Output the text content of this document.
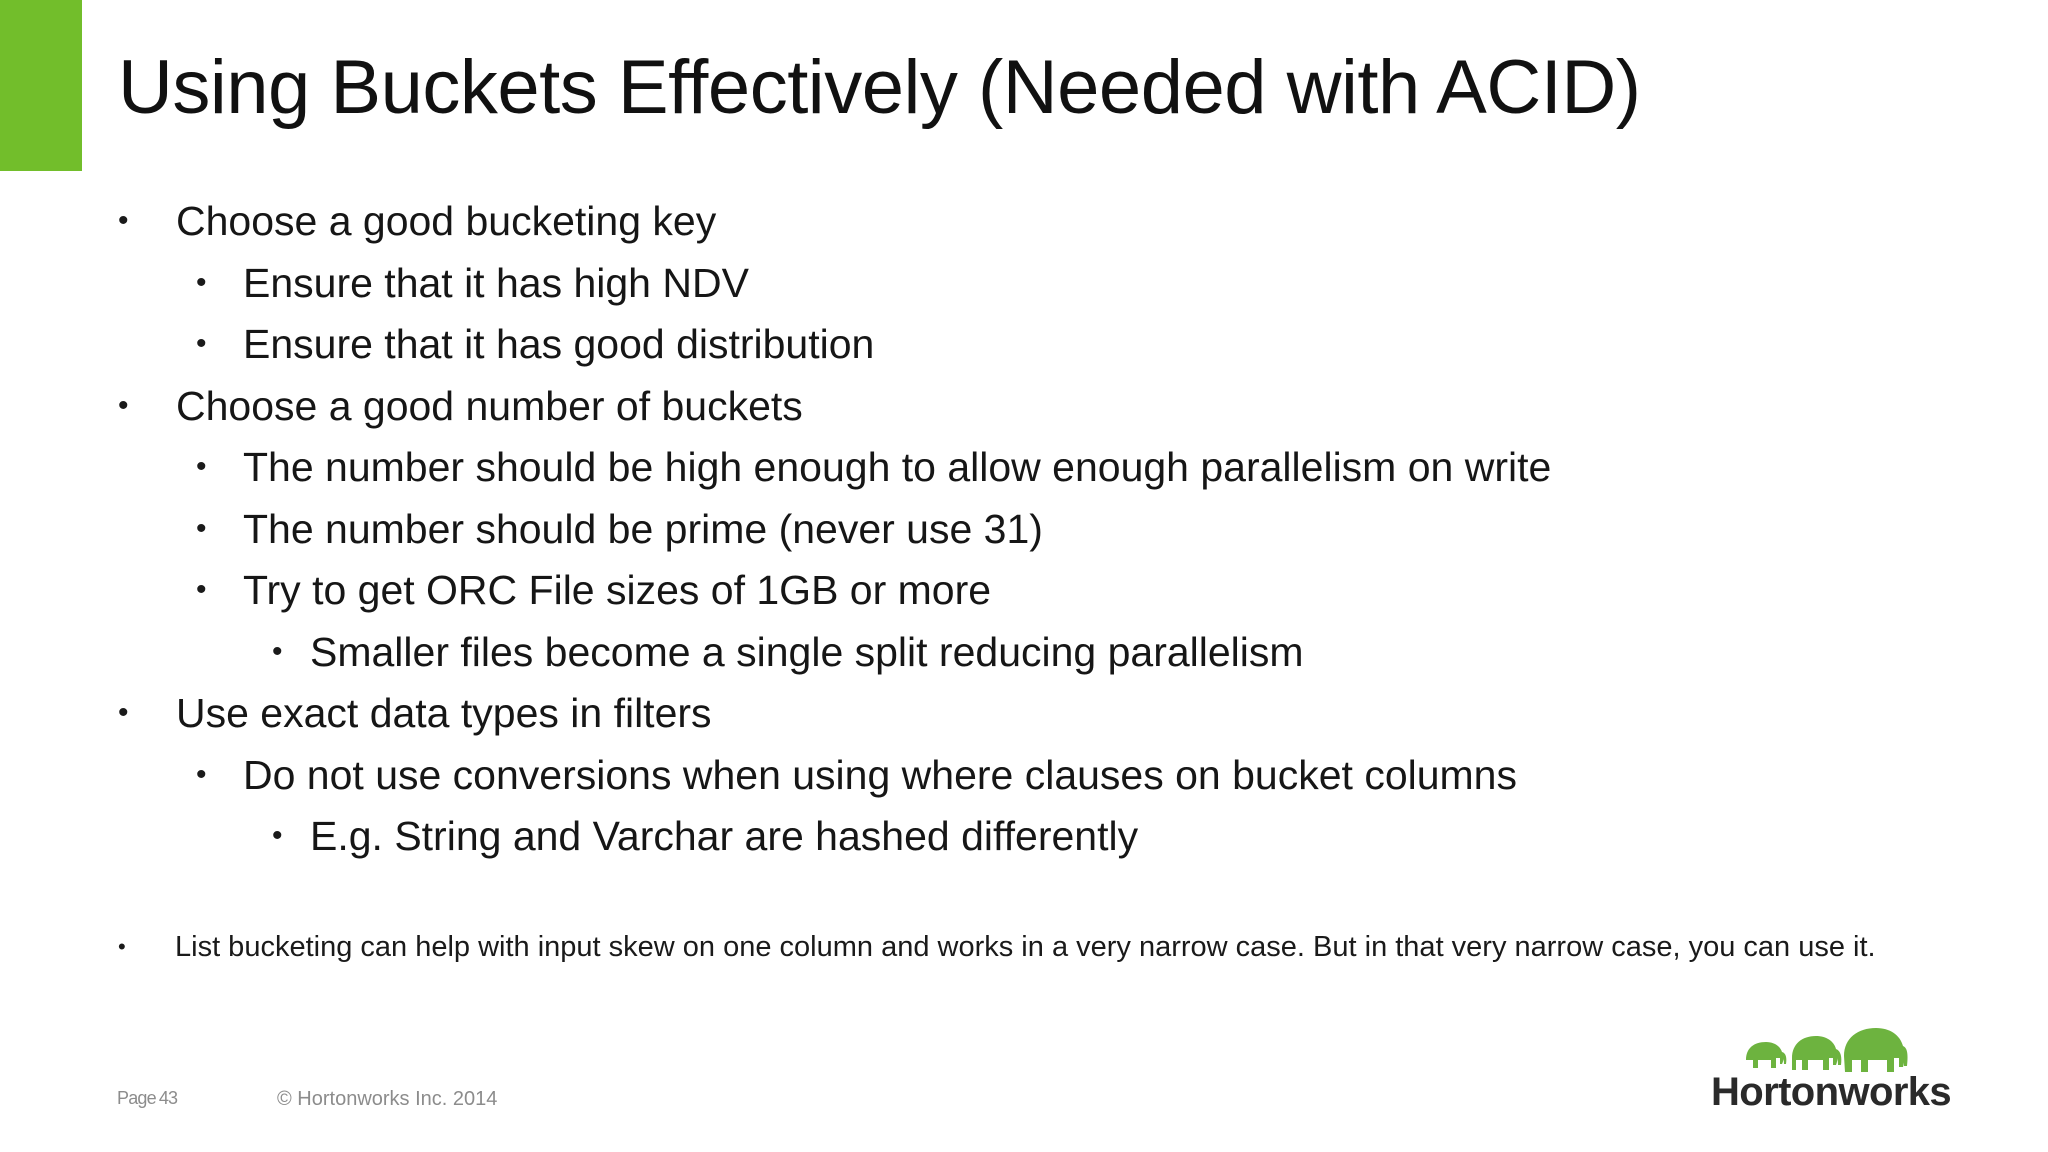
Using Buckets Effectively (Needed with ACID)
• Choose a good bucketing key
• Ensure that it has high NDV
• Ensure that it has good distribution
• Choose a good number of buckets
• The number should be high enough to allow enough parallelism on write
• The number should be prime (never use 31)
• Try to get ORC File sizes of 1GB or more
• Smaller files become a single split reducing parallelism
• Use exact data types in filters
• Do not use conversions when using where clauses on bucket columns
• E.g. String and Varchar are hashed differently
• List bucketing can help with input skew on one column and works in a very narrow case. But in that very narrow case, you can use it.
Page 43	© Hortonworks Inc. 2014	Hortonworks
